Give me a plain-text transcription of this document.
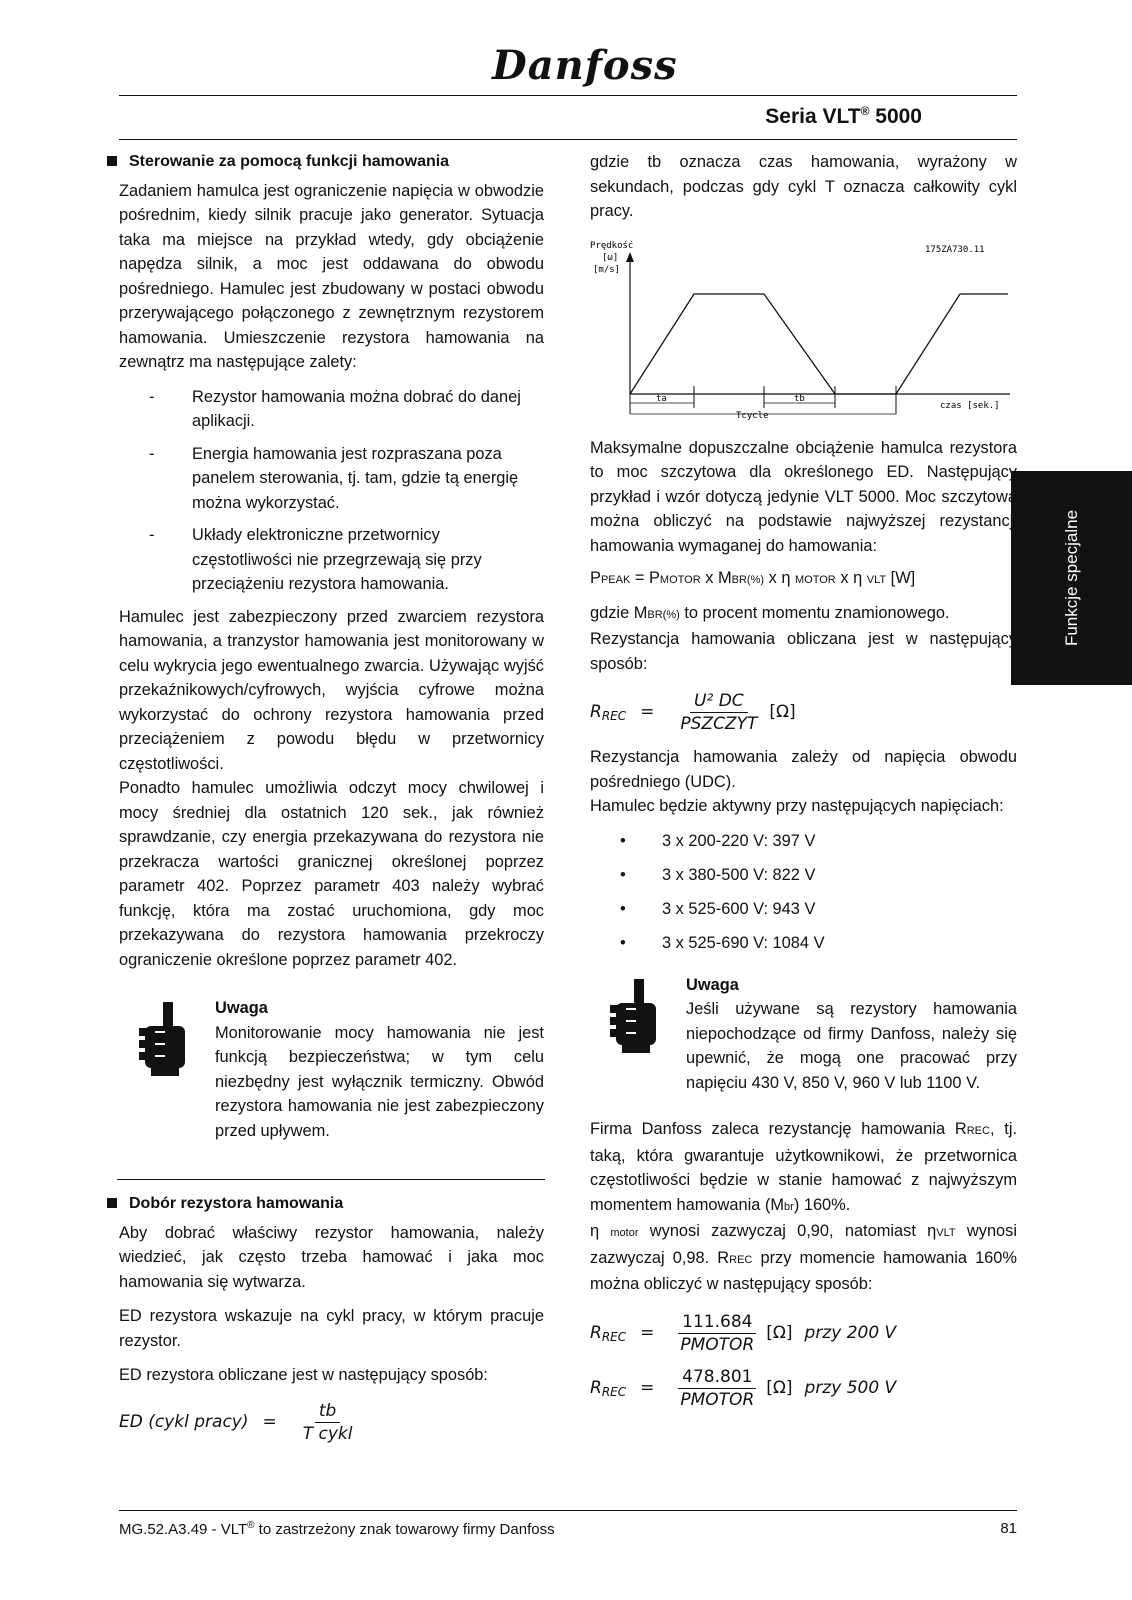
Danfoss
Seria VLT® 5000
Funkcje specjalne
Sterowanie za pomocą funkcji hamowania

Zadaniem hamulca jest ograniczenie napięcia w obwodzie pośrednim, kiedy silnik pracuje jako generator. Sytuacja taka ma miejsce na przykład wtedy, gdy obciążenie napędza silnik, a moc jest oddawana do obwodu pośredniego. Hamulec jest zbudowany w postaci obwodu przerywającego połączonego z zewnętrznym rezystorem hamowania. Umieszczenie rezystora hamowania na zewnątrz ma następujące zalety:

- Rezystor hamowania można dobrać do danej aplikacji.
- Energia hamowania jest rozpraszana poza panelem sterowania, tj. tam, gdzie tą energię można wykorzystać.
- Układy elektroniczne przetwornicy częstotliwości nie przegrzewają się przy przeciążeniu rezystora hamowania.

Hamulec jest zabezpieczony przed zwarciem rezystora hamowania, a tranzystor hamowania jest monitorowany w celu wykrycia jego ewentualnego zwarcia. Używając wyjść przekaźnikowych/cyfrowych, wyjścia cyfrowe można wykorzystać do ochrony rezystora hamowania przed przeciążeniem z powodu błędu w przetwornicy częstotliwości.

Ponadto hamulec umożliwia odczyt mocy chwilowej i mocy średniej dla ostatnich 120 sek., jak również sprawdzanie, czy energia przekazywana do rezystora nie przekracza wartości granicznej określonej poprzez parametr 402. Poprzez parametr 403 należy wybrać funkcję, która ma zostać uruchomiona, gdy moc przekazywana do rezystora hamowania przekroczy ograniczenie określone poprzez parametr 402.

Uwaga

Monitorowanie mocy hamowania nie jest funkcją bezpieczeństwa; w tym celu niezbędny jest wyłącznik termiczny. Obwód rezystora hamowania nie jest zabezpieczony przed upływem.

Dobór rezystora hamowania

Aby dobrać właściwy rezystor hamowania, należy wiedzieć, jak często trzeba hamować i jaka moc hamowania się wytwarza.

ED rezystora wskazuje na cykl pracy, w którym pracuje rezystor.

ED rezystora obliczane jest w następujący sposób:

ED (cykl pracy) = $\frac{tb}{\text{T cykl}}$

gdzie tb oznacza czas hamowania, wyrażony w sekundach, podczas gdy cykl T oznacza całkowity cykl pracy.

Prędkość
[ω]
[m/s]
175ZA730.11
ta	tb
Tcycle
czas [sek.]

Maksymalne dopuszczalne obciążenie hamulca rezystora to moc szczytowa dla określonego ED. Następujący przykład i wzór dotyczą jedynie VLT 5000. Moc szczytową można obliczyć na podstawie najwyższej rezystancji hamowania wymaganej do hamowania:

PPEAK = PMOTOR x MBR(%) x η MOTOR x η VLT [W]

gdzie MBR(%) to procent momentu znamionowego.

Rezystancja hamowania obliczana jest w następujący sposób:

R REC = $\frac{\text{U² DC}}{\text{PSZCZYT}} [\Omega]$

Rezystancja hamowania zależy od napięcia obwodu pośredniego (UDC).

Hamulec będzie aktywny przy następujących napięciach:

• 3 x 200-220 V: 397 V
• 3 x 380-500 V: 822 V
• 3 x 525-600 V: 943 V
• 3 x 525-690 V: 1084 V
Uwaga

Jeśli używane są rezystory hamowania niepochodzące od firmy Danfoss, należy się upewnić, że mogą one pracować przy napięciu 430 V, 850 V, 960 V lub 1100 V.

Firma Danfoss zaleca rezystancję hamowania RREC, tj. taką, która gwarantuje użytkownikowi, że przetwornica częstotliwości będzie w stanie hamować z najwyższym momentem hamowania (Mbr) 160%.

η motor wynosi zazwyczaj 0,90, natomiast ηVLT wynosi zazwyczaj 0,98. RREC przy momencie hamowania 160% można obliczyć w następujący sposób:

R REC = $\frac{111.684}{\text{PMOTOR}} [\Omega]$ przy 200 V
R REC = $\frac{478.801}{\text{PMOTOR}} [\Omega]$ przy 500 V
MG.52.A3.49 - VLT® to zastrzeżony znak towarowy firmy Danfoss	81
